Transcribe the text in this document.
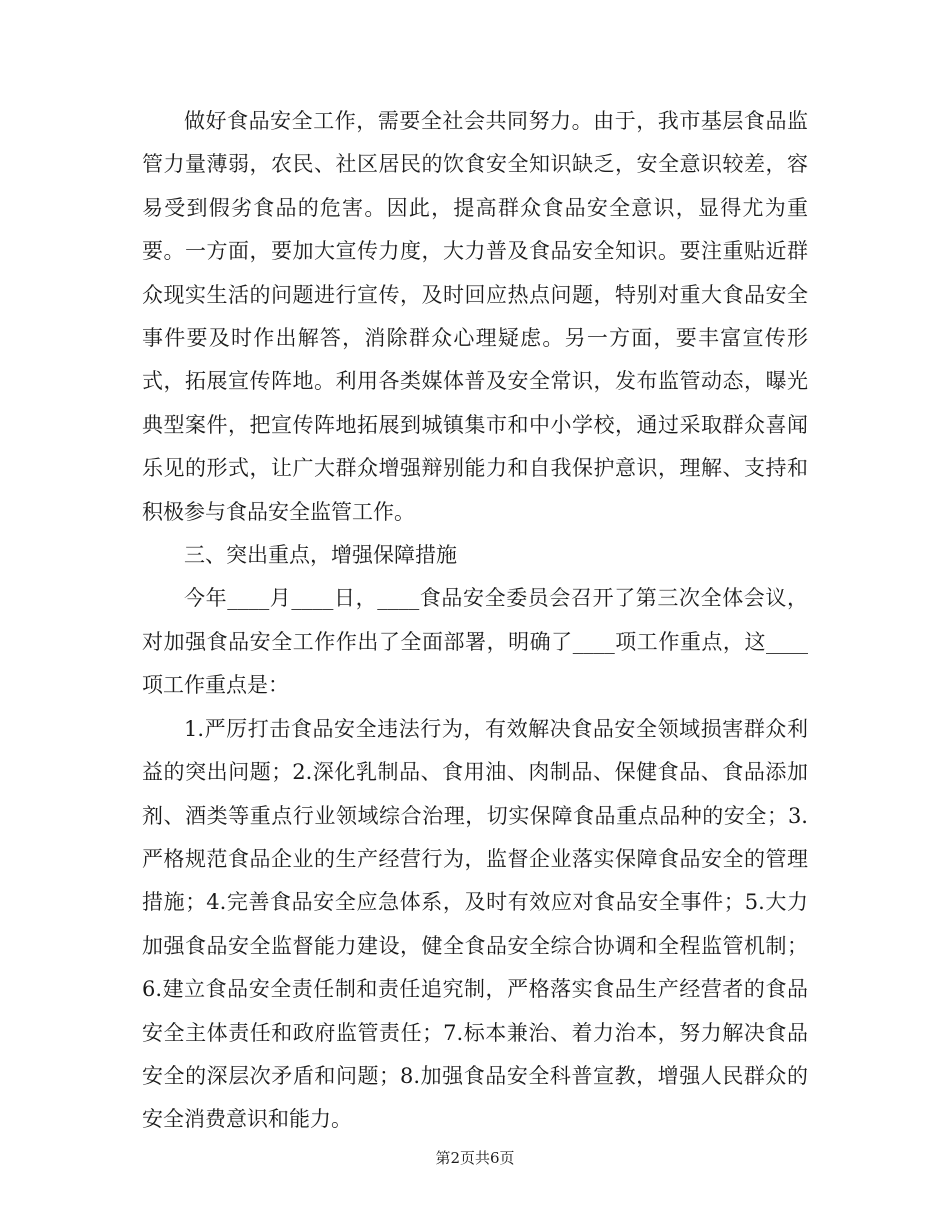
做好食品安全工作，需要全社会共同努力。由于，我市基层食品监管力量薄弱，农民、社区居民的饮食安全知识缺乏，安全意识较差，容易受到假劣食品的危害。因此，提高群众食品安全意识，显得尤为重要。一方面，要加大宣传力度，大力普及食品安全知识。要注重贴近群众现实生活的问题进行宣传，及时回应热点问题，特别对重大食品安全事件要及时作出解答，消除群众心理疑虑。另一方面，要丰富宣传形式，拓展宣传阵地。利用各类媒体普及安全常识，发布监管动态，曝光典型案件，把宣传阵地拓展到城镇集市和中小学校，通过采取群众喜闻乐见的形式，让广大群众增强辩别能力和自我保护意识，理解、支持和积极参与食品安全监管工作。

三、突出重点，增强保障措施

今年____月____日，____食品安全委员会召开了第三次全体会议，对加强食品安全工作作出了全面部署，明确了____项工作重点，这____项工作重点是：

1.严厉打击食品安全违法行为，有效解决食品安全领域损害群众利益的突出问题；2.深化乳制品、食用油、肉制品、保健食品、食品添加剂、酒类等重点行业领域综合治理，切实保障食品重点品种的安全；3.严格规范食品企业的生产经营行为，监督企业落实保障食品安全的管理措施；4.完善食品安全应急体系，及时有效应对食品安全事件；5.大力加强食品安全监督能力建设，健全食品安全综合协调和全程监管机制；6.建立食品安全责任制和责任追究制，严格落实食品生产经营者的食品安全主体责任和政府监管责任；7.标本兼治、着力治本，努力解决食品安全的深层次矛盾和问题；8.加强食品安全科普宣教，增强人民群众的安全消费意识和能力。

第2页共6页
